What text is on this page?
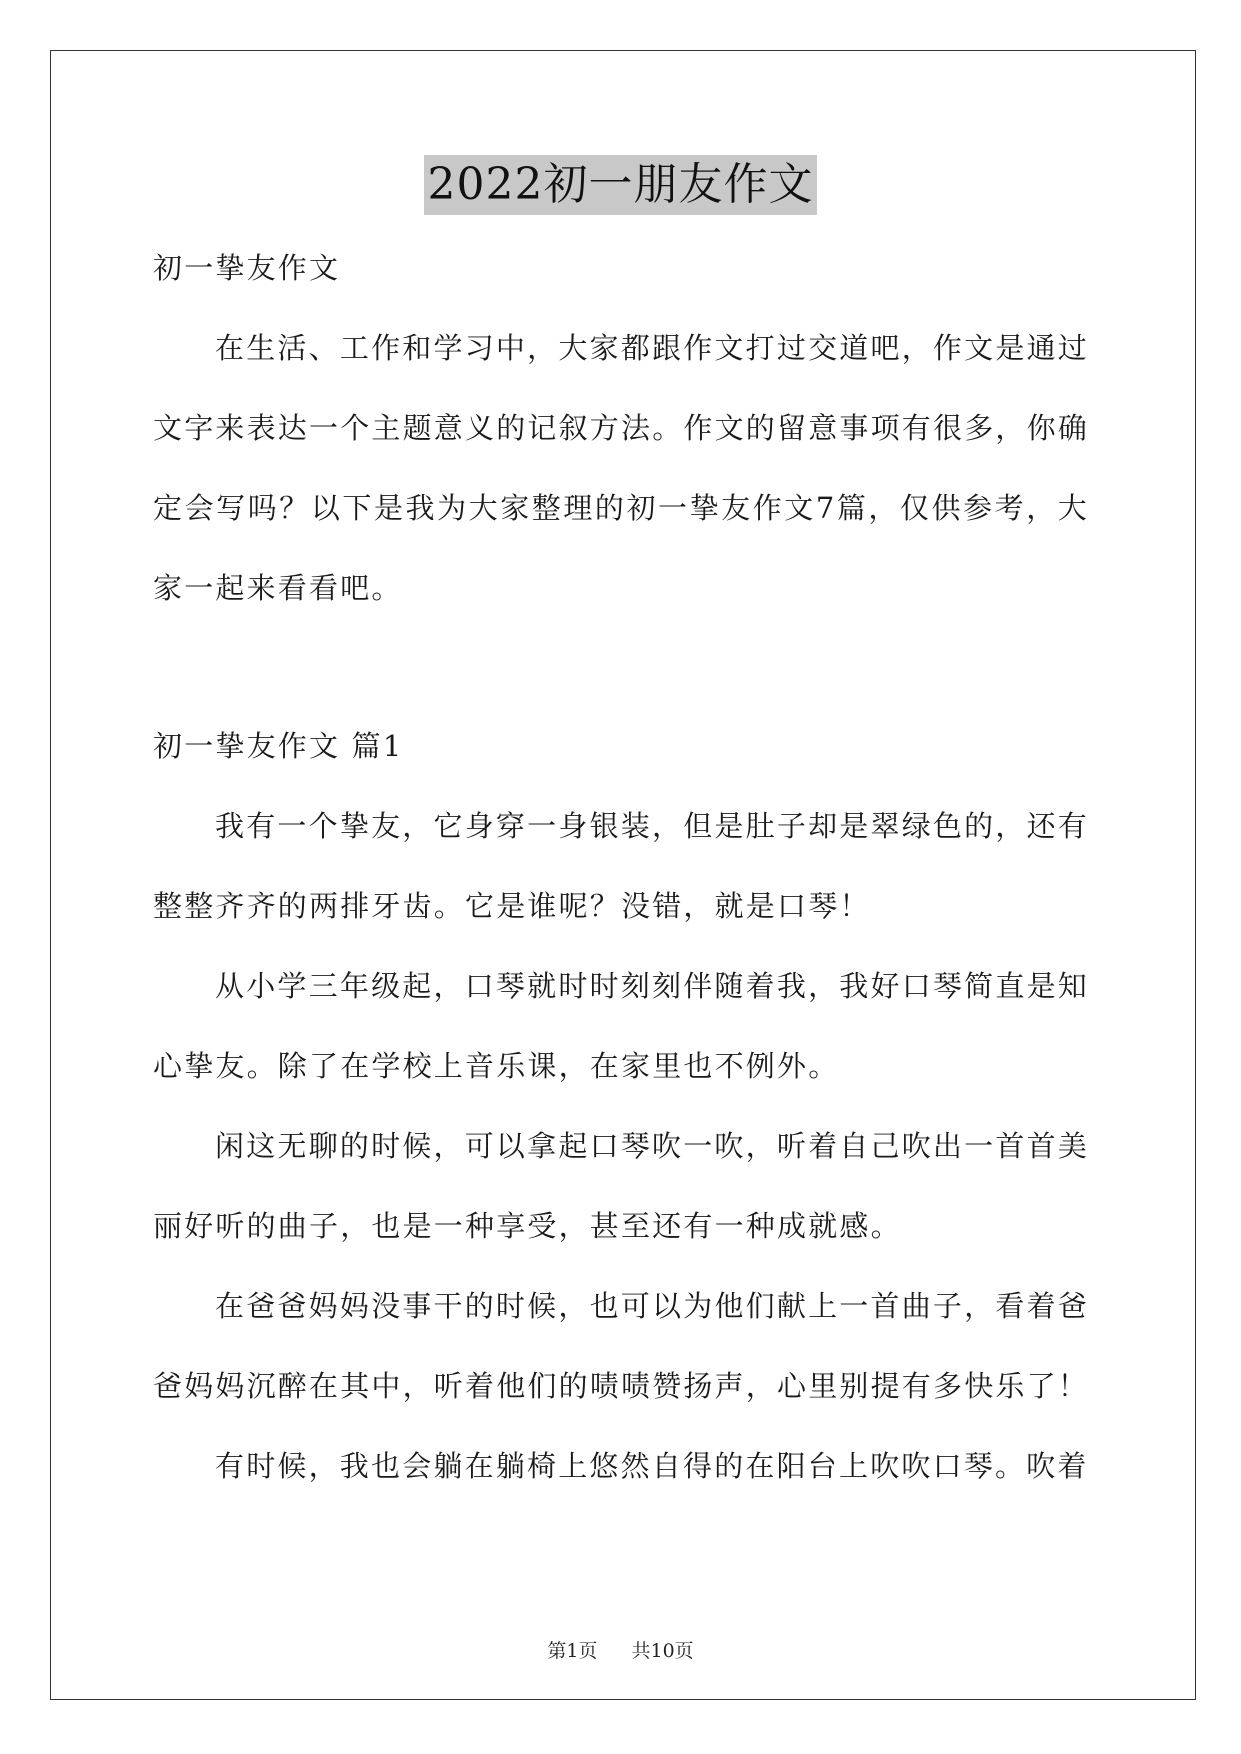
2022初一朋友作文
初一挚友作文

在生活、工作和学习中，大家都跟作文打过交道吧，作文是通过文字来表达一个主题意义的记叙方法。作文的留意事项有很多，你确定会写吗？以下是我为大家整理的初一挚友作文7篇，仅供参考，大家一起来看看吧。

初一挚友作文 篇1

我有一个挚友，它身穿一身银装，但是肚子却是翠绿色的，还有整整齐齐的两排牙齿。它是谁呢？没错，就是口琴！

从小学三年级起，口琴就时时刻刻伴随着我，我好口琴简直是知心挚友。除了在学校上音乐课，在家里也不例外。

闲这无聊的时候，可以拿起口琴吹一吹，听着自己吹出一首首美丽好听的曲子，也是一种享受，甚至还有一种成就感。

在爸爸妈妈没事干的时候，也可以为他们献上一首曲子，看着爸爸妈妈沉醉在其中，听着他们的啧啧赞扬声，心里别提有多快乐了！

有时候，我也会躺在躺椅上悠然自得的在阳台上吹吹口琴。吹着

第1页 共10页
